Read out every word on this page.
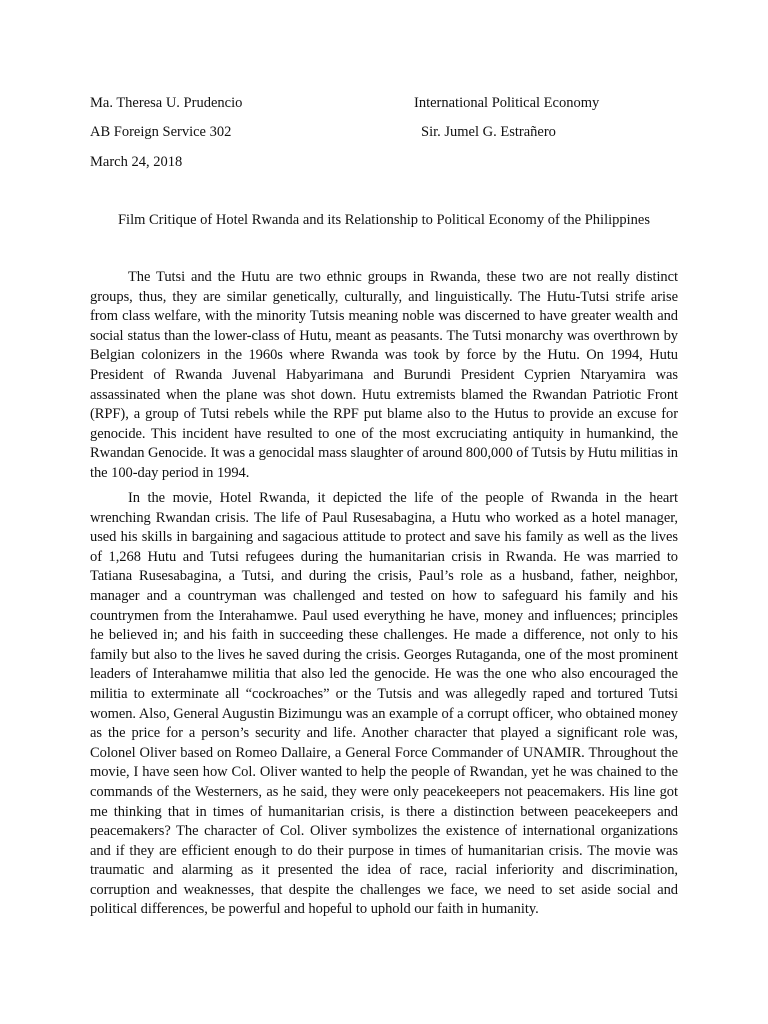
Ma. Theresa U. Prudencio	International Political Economy
AB Foreign Service 302	Sir. Jumel G. Estrañero
March 24, 2018
Film Critique of Hotel Rwanda and its Relationship to Political Economy of the Philippines

The Tutsi and the Hutu are two ethnic groups in Rwanda, these two are not really distinct groups, thus, they are similar genetically, culturally, and linguistically. The Hutu-Tutsi strife arise from class welfare, with the minority Tutsis meaning noble was discerned to have greater wealth and social status than the lower-class of Hutu, meant as peasants. The Tutsi monarchy was overthrown by Belgian colonizers in the 1960s where Rwanda was took by force by the Hutu. On 1994, Hutu President of Rwanda Juvenal Habyarimana and Burundi President Cyprien Ntaryamira was assassinated when the plane was shot down. Hutu extremists blamed the Rwandan Patriotic Front (RPF), a group of Tutsi rebels while the RPF put blame also to the Hutus to provide an excuse for genocide. This incident have resulted to one of the most excruciating antiquity in humankind, the Rwandan Genocide. It was a genocidal mass slaughter of around 800,000 of Tutsis by Hutu militias in the 100-day period in 1994.

In the movie, Hotel Rwanda, it depicted the life of the people of Rwanda in the heart wrenching Rwandan crisis. The life of Paul Rusesabagina, a Hutu who worked as a hotel manager, used his skills in bargaining and sagacious attitude to protect and save his family as well as the lives of 1,268 Hutu and Tutsi refugees during the humanitarian crisis in Rwanda. He was married to Tatiana Rusesabagina, a Tutsi, and during the crisis, Paul’s role as a husband, father, neighbor, manager and a countryman was challenged and tested on how to safeguard his family and his countrymen from the Interahamwe. Paul used everything he have, money and influences; principles he believed in; and his faith in succeeding these challenges. He made a difference, not only to his family but also to the lives he saved during the crisis. Georges Rutaganda, one of the most prominent leaders of Interahamwe militia that also led the genocide. He was the one who also encouraged the militia to exterminate all “cockroaches” or the Tutsis and was allegedly raped and tortured Tutsi women. Also, General Augustin Bizimungu was an example of a corrupt officer, who obtained money as the price for a person’s security and life. Another character that played a significant role was, Colonel Oliver based on Romeo Dallaire, a General Force Commander of UNAMIR. Throughout the movie, I have seen how Col. Oliver wanted to help the people of Rwandan, yet he was chained to the commands of the Westerners, as he said, they were only peacekeepers not peacemakers. His line got me thinking that in times of humanitarian crisis, is there a distinction between peacekeepers and peacemakers? The character of Col. Oliver symbolizes the existence of international organizations and if they are efficient enough to do their purpose in times of humanitarian crisis. The movie was traumatic and alarming as it presented the idea of race, racial inferiority and discrimination, corruption and weaknesses, that despite the challenges we face, we need to set aside social and political differences, be powerful and hopeful to uphold our faith in humanity.
